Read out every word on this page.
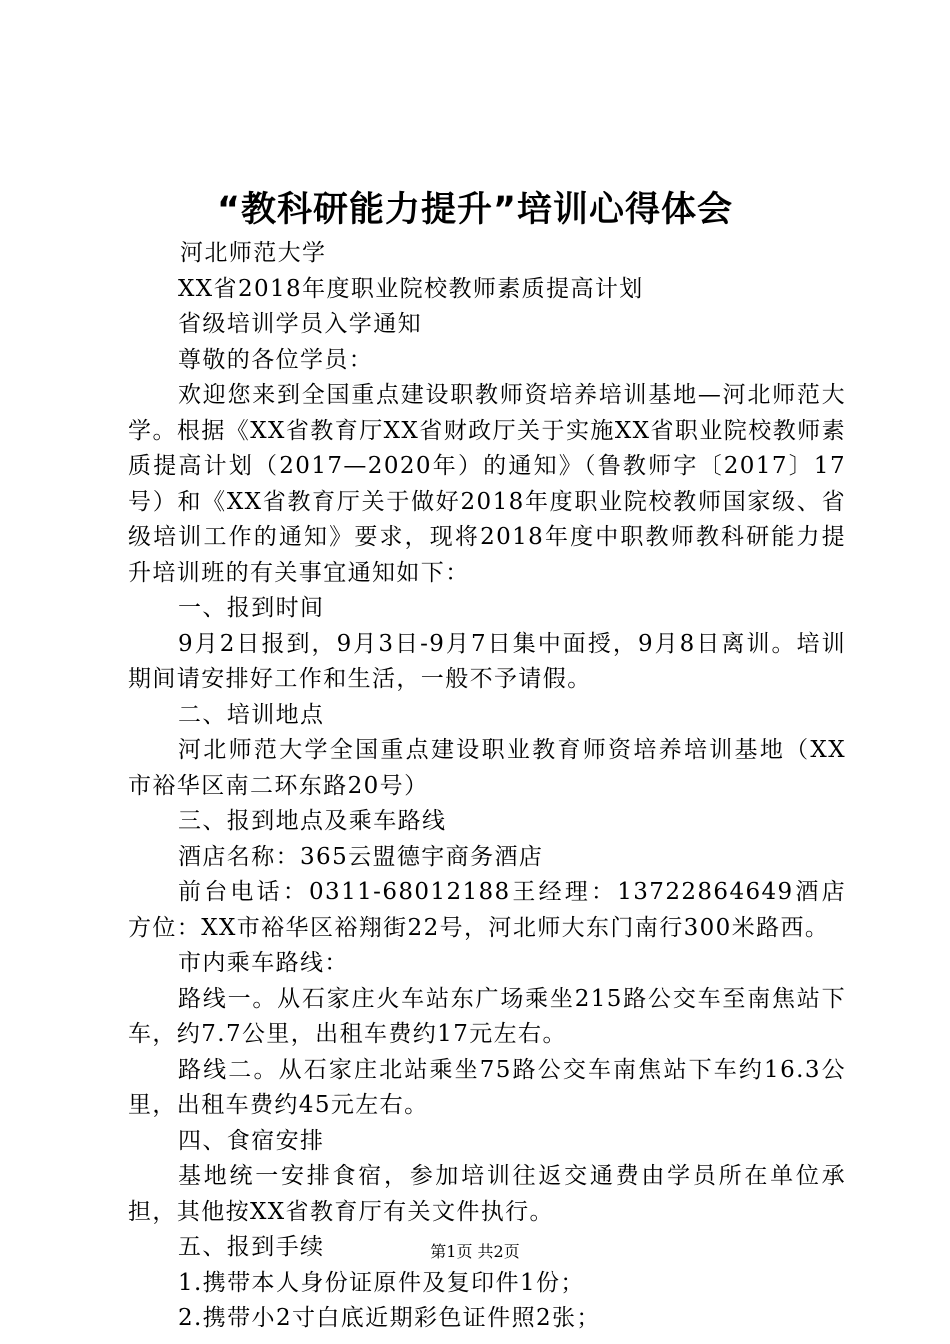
“教科研能力提升”培训心得体会

河北师范大学

XX省2018年度职业院校教师素质提高计划

省级培训学员入学通知

尊敬的各位学员：

欢迎您来到全国重点建设职教师资培养培训基地—河北师范大学。根据《XX省教育厅XX省财政厅关于实施XX省职业院校教师素质提高计划（2017—2020年）的通知》（鲁教师字〔2017〕17号）和《XX省教育厅关于做好2018年度职业院校教师国家级、省级培训工作的通知》要求，现将2018年度中职教师教科研能力提升培训班的有关事宜通知如下：

一、报到时间

9月2日报到，9月3日-9月7日集中面授，9月8日离训。培训期间请安排好工作和生活，一般不予请假。

二、培训地点

河北师范大学全国重点建设职业教育师资培养培训基地（XX市裕华区南二环东路20号）

三、报到地点及乘车路线

酒店名称：365云盟德宇商务酒店

前台电话：0311-68012188王经理：13722864649酒店方位：XX市裕华区裕翔街22号，河北师大东门南行300米路西。

市内乘车路线：

路线一。从石家庄火车站东广场乘坐215路公交车至南焦站下车，约7.7公里，出租车费约17元左右。

路线二。从石家庄北站乘坐75路公交车南焦站下车约16.3公里，出租车费约45元左右。

四、食宿安排

基地统一安排食宿，参加培训往返交通费由学员所在单位承担，其他按XX省教育厅有关文件执行。

五、报到手续

1.携带本人身份证原件及复印件1份；

2.携带小2寸白底近期彩色证件照2张；

第1页 共2页
